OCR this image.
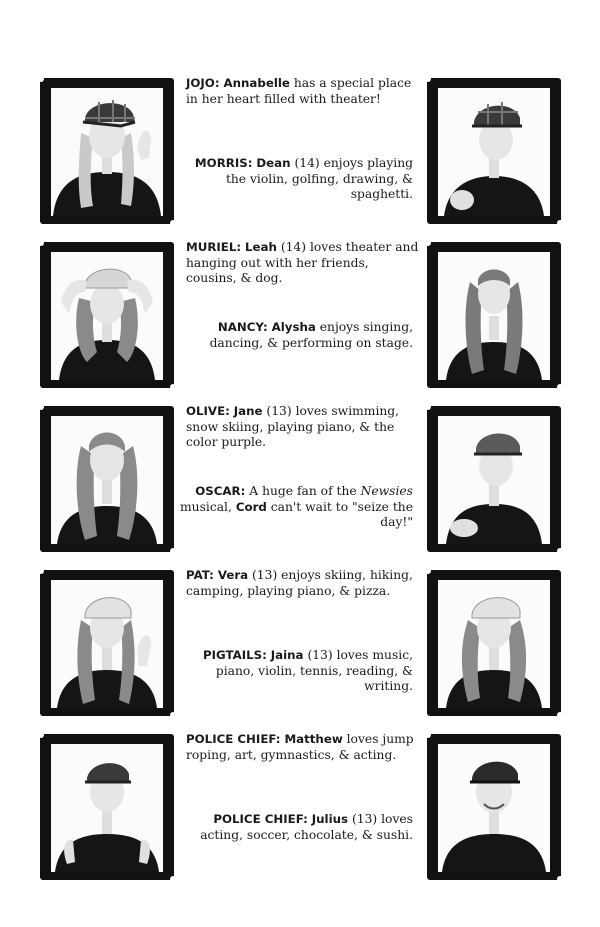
JOJO: Annabelle has a special place in her heart filled with theater!
MORRIS: Dean (14) enjoys playing the violin, golfing, drawing, & spaghetti.
MURIEL: Leah (14) loves theater and hanging out with her friends, cousins, & dog.
NANCY: Alysha enjoys singing, dancing, & performing on stage.
OLIVE: Jane (13) loves swimming, snow skiing, playing piano, & the color purple.
OSCAR: A huge fan of the Newsies musical, Cord can't wait to "seize the day!"
PAT: Vera (13) enjoys skiing, hiking, camping, playing piano, & pizza.
PIGTAILS: Jaina (13) loves music, piano, violin, tennis, reading, & writing.
POLICE CHIEF: Matthew loves jump roping, art, gymnastics, & acting.
POLICE CHIEF: Julius (13) loves acting, soccer, chocolate, & sushi.
